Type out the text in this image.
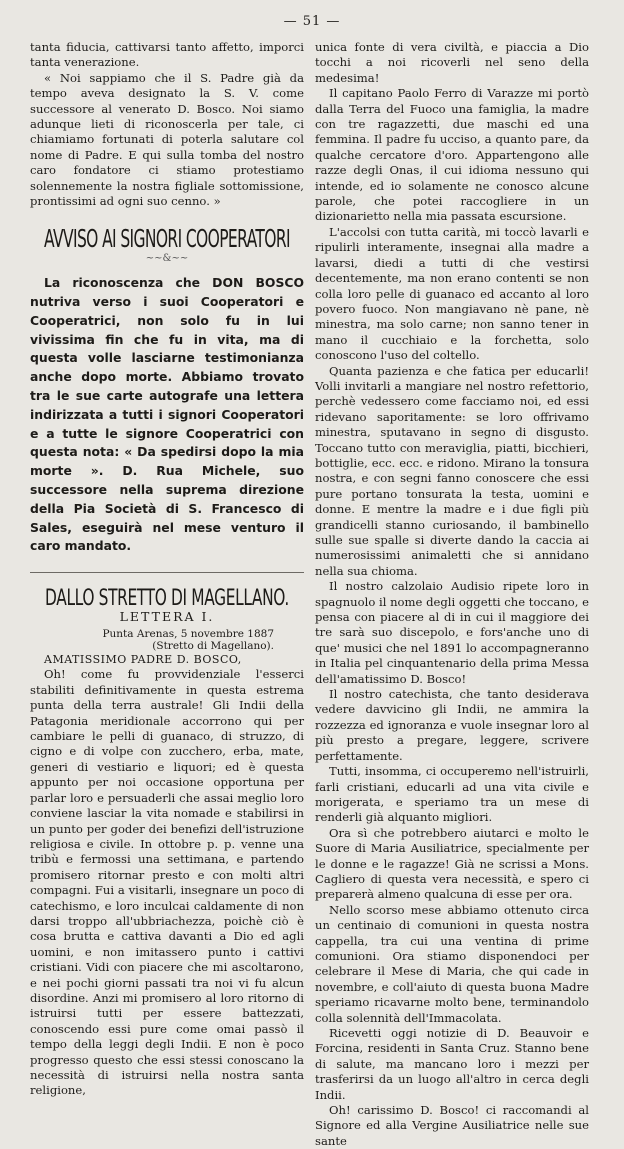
— 51 —

tanta fiducia, cattivarsi tanto affetto, imporci tanta venerazione.

« Noi sappiamo che il S. Padre già da tempo aveva designato la S. V. come successore al venerato D. Bosco. Noi siamo adunque lieti di riconoscerla per tale, ci chiamiamo fortunati di poterla salutare col nome di Padre. E qui sulla tomba del nostro caro fondatore ci stiamo protestiamo solennemente la nostra figliale sottomissione, prontissimi ad ogni suo cenno. »

AVVISO AI SIGNORI COOPERATORI
~~&~~

La riconoscenza che DON BOSCO nutriva verso i suoi Cooperatori e Cooperatrici, non solo fu in lui vivissima fin che fu in vita, ma di questa volle lasciarne testimonianza anche dopo morte. Abbiamo trovato tra le sue carte autografe una lettera indirizzata a tutti i signori Cooperatori e a tutte le signore Cooperatrici con questa nota: « Da spedirsi dopo la mia morte ». D. Rua Michele, suo successore nella suprema direzione della Pia Società di S. Francesco di Sales, eseguirà nel mese venturo il caro mandato.

DALLO STRETTO DI MAGELLANO.
LETTERA I.
Punta Arenas, 5 novembre 1887
(Stretto di Magellano).

AMATISSIMO PADRE D. BOSCO,

Oh! come fu provvidenziale l'esserci stabiliti definitivamente in questa estrema punta della terra australe! Gli Indii della Patagonia meridionale accorrono qui per cambiare le pelli di guanaco, di struzzo, di cigno e di volpe con zucchero, erba, mate, generi di vestiario e liquori; ed è questa appunto per noi occasione opportuna per parlar loro e persuaderli che assai meglio loro conviene lasciar la vita nomade e stabilirsi in un punto per goder dei benefizi dell'istruzione religiosa e civile. In ottobre p. p. venne una tribù e fermossi una settimana, e partendo promisero ritornar presto e con molti altri compagni. Fui a visitarli, insegnare un poco di catechismo, e loro inculcai caldamente di non darsi troppo all'ubbriachezza, poichè ciò è cosa brutta e cattiva davanti a Dio ed agli uomini, e non imitassero punto i cattivi cristiani. Vidi con piacere che mi ascoltarono, e nei pochi giorni passati tra noi vi fu alcun disordine. Anzi mi promisero al loro ritorno di istruirsi tutti per essere battezzati, conoscendo essi pure come omai passò il tempo della leggi degli Indii. E non è poco progresso questo che essi stessi conoscano la necessità di istruirsi nella nostra santa religione,

unica fonte di vera civiltà, e piaccia a Dio tocchi a noi ricoverli nel seno della medesima!

Il capitano Paolo Ferro di Varazze mi portò dalla Terra del Fuoco una famiglia, la madre con tre ragazzetti, due maschi ed una femmina. Il padre fu ucciso, a quanto pare, da qualche cercatore d'oro. Appartengono alle razze degli Onas, il cui idioma nessuno qui intende, ed io solamente ne conosco alcune parole, che potei raccogliere in un dizionarietto nella mia passata escursione.

L'accolsi con tutta carità, mi toccò lavarli e ripulirli interamente, insegnai alla madre a lavarsi, diedi a tutti di che vestirsi decentemente, ma non erano contenti se non colla loro pelle di guanaco ed accanto al loro povero fuoco. Non mangiavano nè pane, nè minestra, ma solo carne; non sanno tener in mano il cucchiaio e la forchetta, solo conoscono l'uso del coltello.

Quanta pazienza e che fatica per educarli! Volli invitarli a mangiare nel nostro refettorio, perchè vedessero come facciamo noi, ed essi ridevano saporitamente: se loro offrivamo minestra, sputavano in segno di disgusto. Toccano tutto con meraviglia, piatti, bicchieri, bottiglie, ecc. ecc. e ridono. Mirano la tonsura nostra, e con segni fanno conoscere che essi pure portano tonsurata la testa, uomini e donne. E mentre la madre e i due figli più grandicelli stanno curiosando, il bambinello sulle sue spalle si diverte dando la caccia ai numerosissimi animaletti che si annidano nella sua chioma.

Il nostro calzolaio Audisio ripete loro in spagnuolo il nome degli oggetti che toccano, e pensa con piacere al di in cui il maggiore dei tre sarà suo discepolo, e fors'anche uno di que' musici che nel 1891 lo accompagneranno in Italia pel cinquantenario della prima Messa dell'amatissimo D. Bosco!

Il nostro catechista, che tanto desiderava vedere davvicino gli Indii, ne ammira la rozzezza ed ignoranza e vuole insegnar loro al più presto a pregare, leggere, scrivere perfettamente.

Tutti, insomma, ci occuperemo nell'istruirli, farli cristiani, educarli ad una vita civile e morigerata, e speriamo tra un mese di renderli già alquanto migliori.

Ora sì che potrebbero aiutarci e molto le Suore di Maria Ausiliatrice, specialmente per le donne e le ragazze! Già ne scrissi a Mons. Cagliero di questa vera necessità, e spero ci preparerà almeno qualcuna di esse per ora.

Nello scorso mese abbiamo ottenuto circa un centinaio di comunioni in questa nostra cappella, tra cui una ventina di prime comunioni. Ora stiamo disponendoci per celebrare il Mese di Maria, che qui cade in novembre, e coll'aiuto di questa buona Madre speriamo ricavarne molto bene, terminandolo colla solennità dell'Immacolata.

Ricevetti oggi notizie di D. Beauvoir e Forcina, residenti in Santa Cruz. Stanno bene di salute, ma mancano loro i mezzi per trasferirsi da un luogo all'altro in cerca degli Indii.

Oh! carissimo D. Bosco! ci raccomandi al Signore ed alla Vergine Ausiliatrice nelle sue sante
